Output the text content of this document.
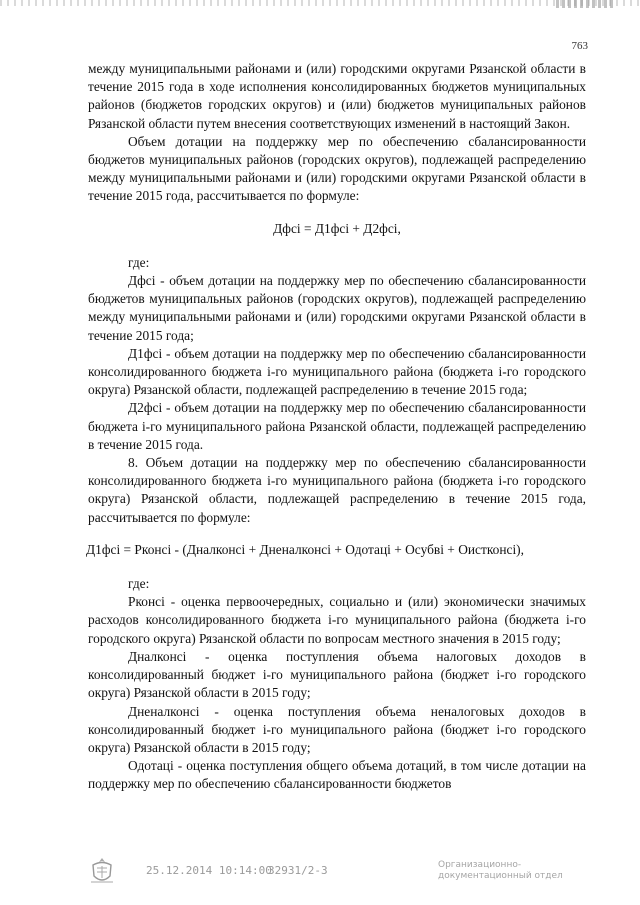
763

между муниципальными районами и (или) городскими округами Рязанской области в течение 2015 года в ходе исполнения консолидированных бюджетов муниципальных районов (бюджетов городских округов) и (или) бюджетов муниципальных районов Рязанской области путем внесения соответствующих изменений в настоящий Закон.

Объем дотации на поддержку мер по обеспечению сбалансированности бюджетов муниципальных районов (городских округов), подлежащей распределению между муниципальными районами и (или) городскими округами Рязанской области в течение 2015 года, рассчитывается по формуле:

Дфсi = Д1фсi + Д2фсi,

где:

Дфсi - объем дотации на поддержку мер по обеспечению сбалансированности бюджетов муниципальных районов (городских округов), подлежащей распределению между муниципальными районами и (или) городскими округами Рязанской области в течение 2015 года;

Д1фсi - объем дотации на поддержку мер по обеспечению сбалансированности консолидированного бюджета i-го муниципального района (бюджета i-го городского округа) Рязанской области, подлежащей распределению в течение 2015 года;

Д2фсi - объем дотации на поддержку мер по обеспечению сбалансированности бюджета i-го муниципального района Рязанской области, подлежащей распределению в течение 2015 года.

8. Объем дотации на поддержку мер по обеспечению сбалансированности консолидированного бюджета i-го муниципального района (бюджета i-го городского округа) Рязанской области, подлежащей распределению в течение 2015 года, рассчитывается по формуле:

Д1фсi = Рконсi - (Дналконсi + Дненалконсi + Одотацi + Осубвi + Оистконсi),

где:

Рконсi - оценка первоочередных, социально и (или) экономически значимых расходов консолидированного бюджета i-го муниципального района (бюджета i-го городского округа) Рязанской области по вопросам местного значения в 2015 году;

Дналконсi - оценка поступления объема налоговых доходов в консолидированный бюджет i-го муниципального района (бюджет i-го городского округа) Рязанской области в 2015 году;

Дненалконсi - оценка поступления объема неналоговых доходов в консолидированный бюджет i-го муниципального района (бюджет i-го городского округа) Рязанской области в 2015 году;

Одотацi - оценка поступления общего объема дотаций, в том числе дотации на поддержку мер по обеспечению сбалансированности бюджетов

25.12.2014 10:14:00
32931/2-3	Организационно-
документационный отдел
